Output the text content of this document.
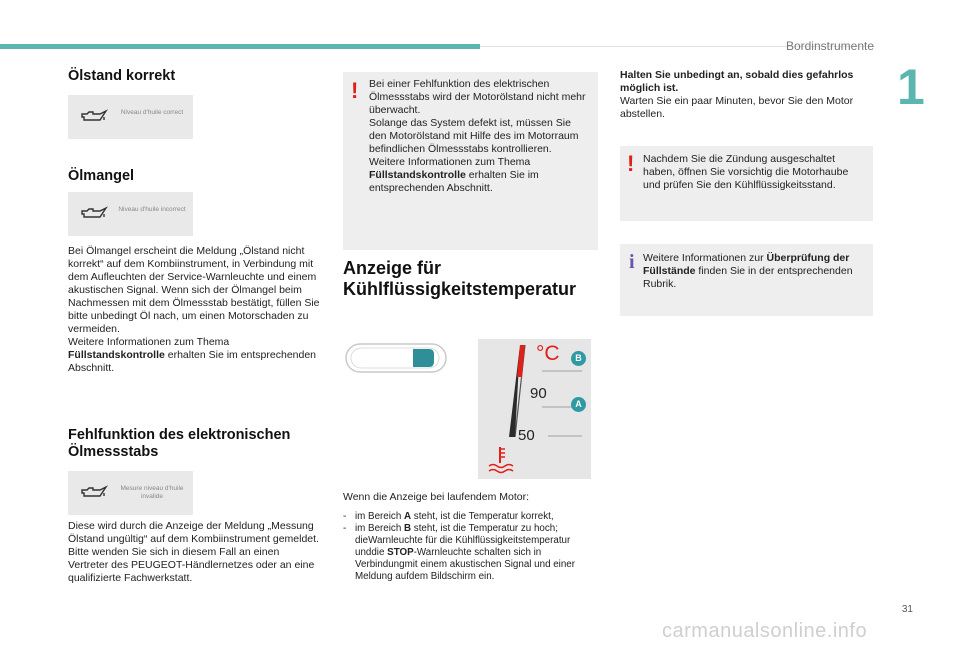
Bordinstrumente
1
Ölstand korrekt
Niveau d'huile correct
Ölmangel
Niveau d'huile incorrect
Bei Ölmangel erscheint die Meldung „Ölstand nicht korrekt“ auf dem Kombiinstrument, in Verbindung mit dem Aufleuchten der Service-Warnleuchte und einem akustischen Signal. Wenn sich der Ölmangel beim Nachmessen mit dem Ölmessstab bestätigt, füllen Sie bitte unbedingt Öl nach, um einen Motorschaden zu vermeiden.
Weitere Informationen zum Thema
Füllstandskontrolle erhalten Sie im entsprechenden Abschnitt.
Fehlfunktion des elektronischen
Ölmessstabs
Mesure niveau d'huile invalide
Diese wird durch die Anzeige der Meldung „Messung Ölstand ungültig“ auf dem Kombiinstrument gemeldet. Bitte wenden Sie sich in diesem Fall an einen Vertreter des PEUGEOT-Händlernetzes oder an eine qualifizierte Fachwerkstatt.
! Bei einer Fehlfunktion des elektrischen Ölmessstabs wird der Motorölstand nicht mehr überwacht.
Solange das System defekt ist, müssen Sie den Motorölstand mit Hilfe des im Motorraum befindlichen Ölmessstabs kontrollieren.
Weitere Informationen zum Thema
Füllstandskontrolle erhalten Sie im entsprechenden Abschnitt.
Anzeige für
Kühlflüssigkeitstemperatur
°C
90
50
B
A
Wenn die Anzeige bei laufendem Motor:
- im Bereich A steht, ist die Temperatur korrekt,
- im Bereich B steht, ist die Temperatur zu hoch; dieWarnleuchte für die Kühlflüssigkeitstemperatur unddie STOP-Warnleuchte schalten sich in Verbindungmit einem akustischen Signal und einer Meldung aufdem Bildschirm ein.
Halten Sie unbedingt an, sobald dies gefahrlos möglich ist.
Warten Sie ein paar Minuten, bevor Sie den Motor abstellen.
! Nachdem Sie die Zündung ausgeschaltet haben, öffnen Sie vorsichtig die Motorhaube und prüfen Sie den Kühlflüssigkeitsstand.
i Weitere Informationen zur Überprüfung der Füllstände finden Sie in der entsprechenden Rubrik.
31
carmanualsonline.info
